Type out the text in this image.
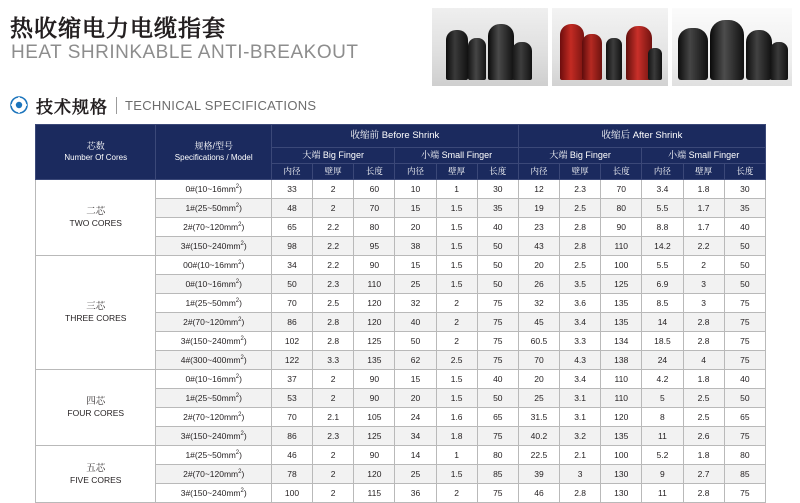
热收缩电力电缆指套
HEAT SHRINKABLE ANTI-BREAKOUT
技术规格 TECHNICAL SPECIFICATIONS
芯数
Number Of Cores	规格/型号
Specifications / Model	收缩前 Before Shrink						收缩后 After Shrink					
		大端 Big Finger			小端 Small Finger			大端 Big Finger			小端 Small Finger		
		内径	壁厚	长度	内径	壁厚	长度	内径	壁厚	长度	内径	壁厚	长度

二芯
TWO CORES	$0\#(10\sim 16mm^2)$	33	2	60	10	1	30	12	2.3	70	3.4	1.8	30
	$1\#(25\sim 50mm^2)$	48	2	70	15	1.5	35	19	2.5	80	5.5	1.7	35
	$2\#(70\sim 120mm^2)$	65	2.2	80	20	1.5	40	23	2.8	90	8.8	1.7	40
	$3\#(150\sim 240mm^2)$	98	2.2	95	38	1.5	50	43	2.8	110	14.2	2.2	50

三芯
THREE CORES	$00\#(10\sim 16mm^2)$	34	2.2	90	15	1.5	50	20	2.5	100	5.5	2	50
	$0\#(10\sim 16mm^2)$	50	2.3	110	25	1.5	50	26	3.5	125	6.9	3	50
	$1\#(25\sim 50mm^2)$	70	2.5	120	32	2	75	32	3.6	135	8.5	3	75
	$2\#(70\sim 120mm^2)$	86	2.8	120	40	2	75	45	3.4	135	14	2.8	75
	$3\#(150\sim 240mm^2)$	102	2.8	125	50	2	75	60.5	3.3	134	18.5	2.8	75
	$4\#(300\sim 400mm^2)$	122	3.3	135	62	2.5	75	70	4.3	138	24	4	75

四芯
FOUR CORES	$0\#(10\sim 16mm^2)$	37	2	90	15	1.5	40	20	3.4	110	4.2	1.8	40
	$1\#(25\sim 50mm^2)$	53	2	90	20	1.5	50	25	3.1	110	5	2.5	50
	$2\#(70\sim 120mm^2)$	70	2.1	105	24	1.6	65	31.5	3.1	120	8	2.5	65
	$3\#(150\sim 240mm^2)$	86	2.3	125	34	1.8	75	40.2	3.2	135	11	2.6	75

五芯
FIVE CORES	$1\#(25\sim 50mm^2)$	46	2	90	14	1	80	22.5	2.1	100	5.2	1.8	80
	$2\#(70\sim 120mm^2)$	78	2	120	25	1.5	85	39	3	130	9	2.7	85
	$3\#(150\sim 240mm^2)$	100	2	115	36	2	75	46	2.8	130	11	2.8	75
